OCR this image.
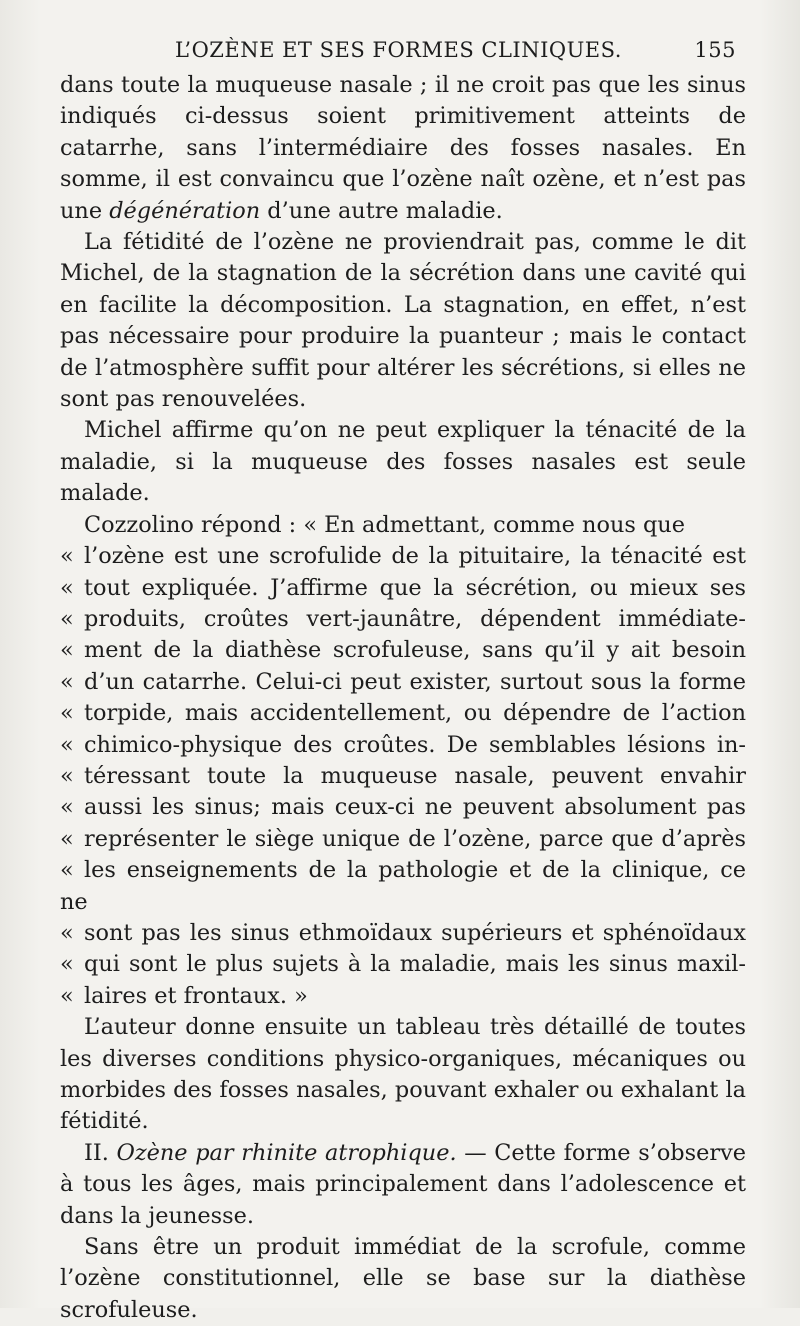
L’OZÈNE ET SES FORMES CLINIQUES.	155

dans toute la muqueuse nasale ; il ne croit pas que les sinus indiqués ci-dessus soient primitivement atteints de catarrhe, sans l’intermédiaire des fosses nasales. En somme, il est convaincu que l’ozène naît ozène, et n’est pas une dégénération d’une autre maladie.

La fétidité de l’ozène ne proviendrait pas, comme le dit Michel, de la stagnation de la sécrétion dans une cavité qui en facilite la décomposition. La stagnation, en effet, n’est pas nécessaire pour produire la puanteur ; mais le contact de l’atmosphère suffit pour altérer les sécrétions, si elles ne sont pas renouvelées.

Michel affirme qu’on ne peut expliquer la ténacité de la maladie, si la muqueuse des fosses nasales est seule malade.

Cozzolino répond : « En admettant, comme nous que
« l’ozène est une scrofulide de la pituitaire, la ténacité est
« tout expliquée. J’affirme que la sécrétion, ou mieux ses
« produits, croûtes vert-jaunâtre, dépendent immédiate-
« ment de la diathèse scrofuleuse, sans qu’il y ait besoin
« d’un catarrhe. Celui-ci peut exister, surtout sous la forme
« torpide, mais accidentellement, ou dépendre de l’action
« chimico-physique des croûtes. De semblables lésions in-
« téressant toute la muqueuse nasale, peuvent envahir
« aussi les sinus; mais ceux-ci ne peuvent absolument pas
« représenter le siège unique de l’ozène, parce que d’après
« les enseignements de la pathologie et de la clinique, ce ne
« sont pas les sinus ethmoïdaux supérieurs et sphénoïdaux
« qui sont le plus sujets à la maladie, mais les sinus maxil-
« laires et frontaux. »

L’auteur donne ensuite un tableau très détaillé de toutes les diverses conditions physico-organiques, mécaniques ou morbides des fosses nasales, pouvant exhaler ou exhalant la fétidité.

II. Ozène par rhinite atrophique. — Cette forme s’observe à tous les âges, mais principalement dans l’adolescence et dans la jeunesse.

Sans être un produit immédiat de la scrofule, comme l’ozène constitutionnel, elle se base sur la diathèse scrofuleuse.
